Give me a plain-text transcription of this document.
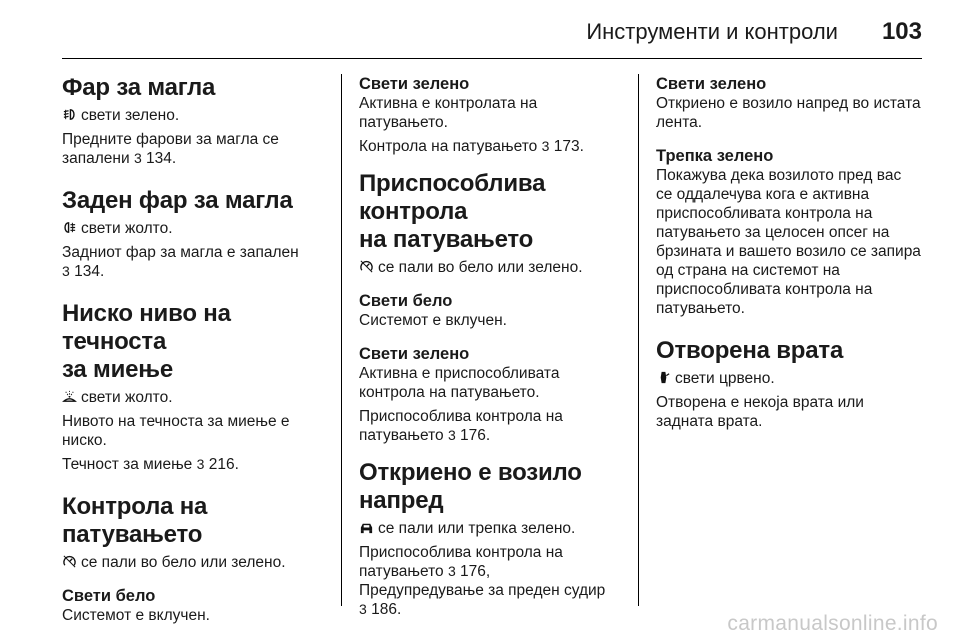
Инструменти и контроли 103
Фар за магла

свети зелено.

Предните фарови за магла се запалени 3 134.

Заден фар за магла

свети жолто.

Задниот фар за магла е запален
3 134.

Ниско ниво на течноста
за миење

свети жолто.

Нивото на течноста за миење е ниско.

Течност за миење 3 216.

Контрола на патувањето

се пали во бело или зелено.

Свети бело

Системот е вклучен.

Свети зелено

Активна е контролата на патувањето.

Контрола на патувањето 3 173.

Приспособлива контрола
на патувањето

се пали во бело или зелено.

Свети бело

Системот е вклучен.

Свети зелено

Активна е приспособливата контрола на патувањето.

Приспособлива контрола на патувањето 3 176.

Откриено е возило
напред

се пали или трепка зелено.

Приспособлива контрола на патувањето 3 176,
Предупредување за преден судир
3 186.

Свети зелено

Откриено е возило напред во истата лента.

Трепка зелено

Покажува дека возилото пред вас се оддалечува кога е активна приспособливата контрола на патувањето за целосен опсег на брзината и вашето возило се запира од страна на системот на приспособливата контрола на патувањето.

Отворена врата

свети црвено.

Отворена е некоја врата или задната врата.

carmanualsonline.info
